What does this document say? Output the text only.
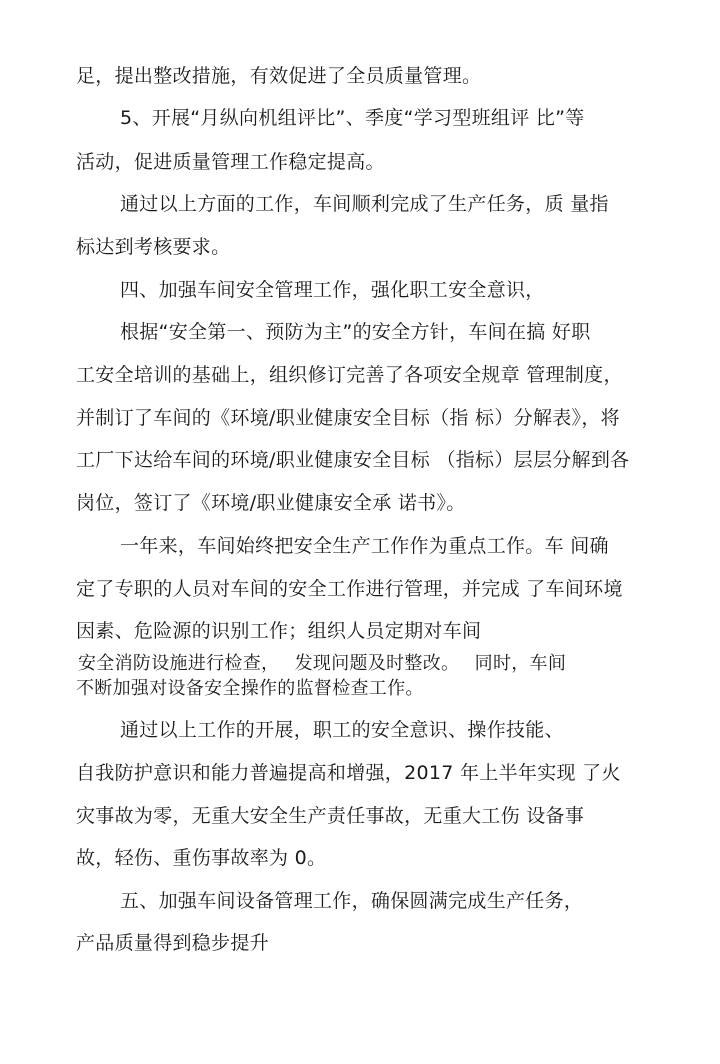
足，提出整改措施，有效促进了全员质量管理。
5、开展“月纵向机组评比”、季度“学习型班组评 比”等
活动，促进质量管理工作稳定提高。
通过以上方面的工作，车间顺利完成了生产任务，质 量指
标达到考核要求。
四、加强车间安全管理工作，强化职工安全意识，
根据“安全第一、预防为主”的安全方针，车间在搞 好职
工安全培训的基础上，组织修订完善了各项安全规章 管理制度，
并制订了车间的《环境/职业健康安全目标（指 标）分解表》，将
工厂下达给车间的环境/职业健康安全目标 （指标）层层分解到各
岗位，签订了《环境/职业健康安全承 诺书》。
一年来，车间始终把安全生产工作作为重点工作。车 间确
定了专职的人员对车间的安全工作进行管理，并完成 了车间环境
因素、危险源的识别工作；组织人员定期对车间
安全消防设施进行检查，　 发现问题及时整改。　 同时，车间
不断加强对设备安全操作的监督检查工作。
通过以上工作的开展，职工的安全意识、操作技能、
自我防护意识和能力普遍提高和增强，2017 年上半年实现 了火
灾事故为零，无重大安全生产责任事故，无重大工伤 设备事
故，轻伤、重伤事故率为 0。
五、加强车间设备管理工作，确保圆满完成生产任务，
产品质量得到稳步提升
